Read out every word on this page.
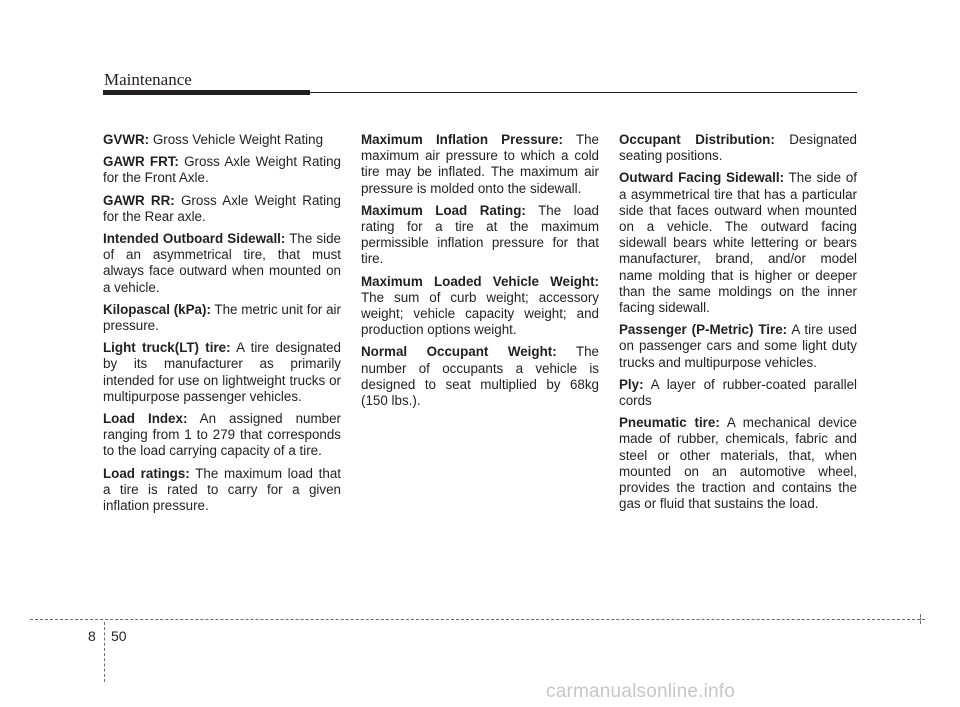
Maintenance

GVWR: Gross Vehicle Weight Rating

GAWR FRT: Gross Axle Weight Rating for the Front Axle.

GAWR RR: Gross Axle Weight Rating for the Rear axle.

Intended Outboard Sidewall: The side of an asymmetrical tire, that must always face outward when mounted on a vehicle.

Kilopascal (kPa): The metric unit for air pressure.

Light truck(LT) tire: A tire designated by its manufacturer as primarily intended for use on lightweight trucks or multipurpose passenger vehicles.

Load Index: An assigned number ranging from 1 to 279 that corresponds to the load carrying capacity of a tire.

Load ratings: The maximum load that a tire is rated to carry for a given inflation pressure.

Maximum Inflation Pressure: The maximum air pressure to which a cold tire may be inflated. The maximum air pressure is molded onto the sidewall.

Maximum Load Rating: The load rating for a tire at the maximum permissible inflation pressure for that tire.

Maximum Loaded Vehicle Weight: The sum of curb weight; accessory weight; vehicle capacity weight; and production options weight.

Normal Occupant Weight: The number of occupants a vehicle is designed to seat multiplied by 68kg (150 lbs.).

Occupant Distribution: Designated seating positions.

Outward Facing Sidewall: The side of a asymmetrical tire that has a particular side that faces outward when mounted on a vehicle. The outward facing sidewall bears white lettering or bears manufacturer, brand, and/or model name molding that is higher or deeper than the same moldings on the inner facing sidewall.

Passenger (P-Metric) Tire: A tire used on passenger cars and some light duty trucks and multipurpose vehicles.

Ply: A layer of rubber-coated parallel cords

Pneumatic tire: A mechanical device made of rubber, chemicals, fabric and steel or other materials, that, when mounted on an automotive wheel, provides the traction and contains the gas or fluid that sustains the load.

8 50
carmanualsonline.info
